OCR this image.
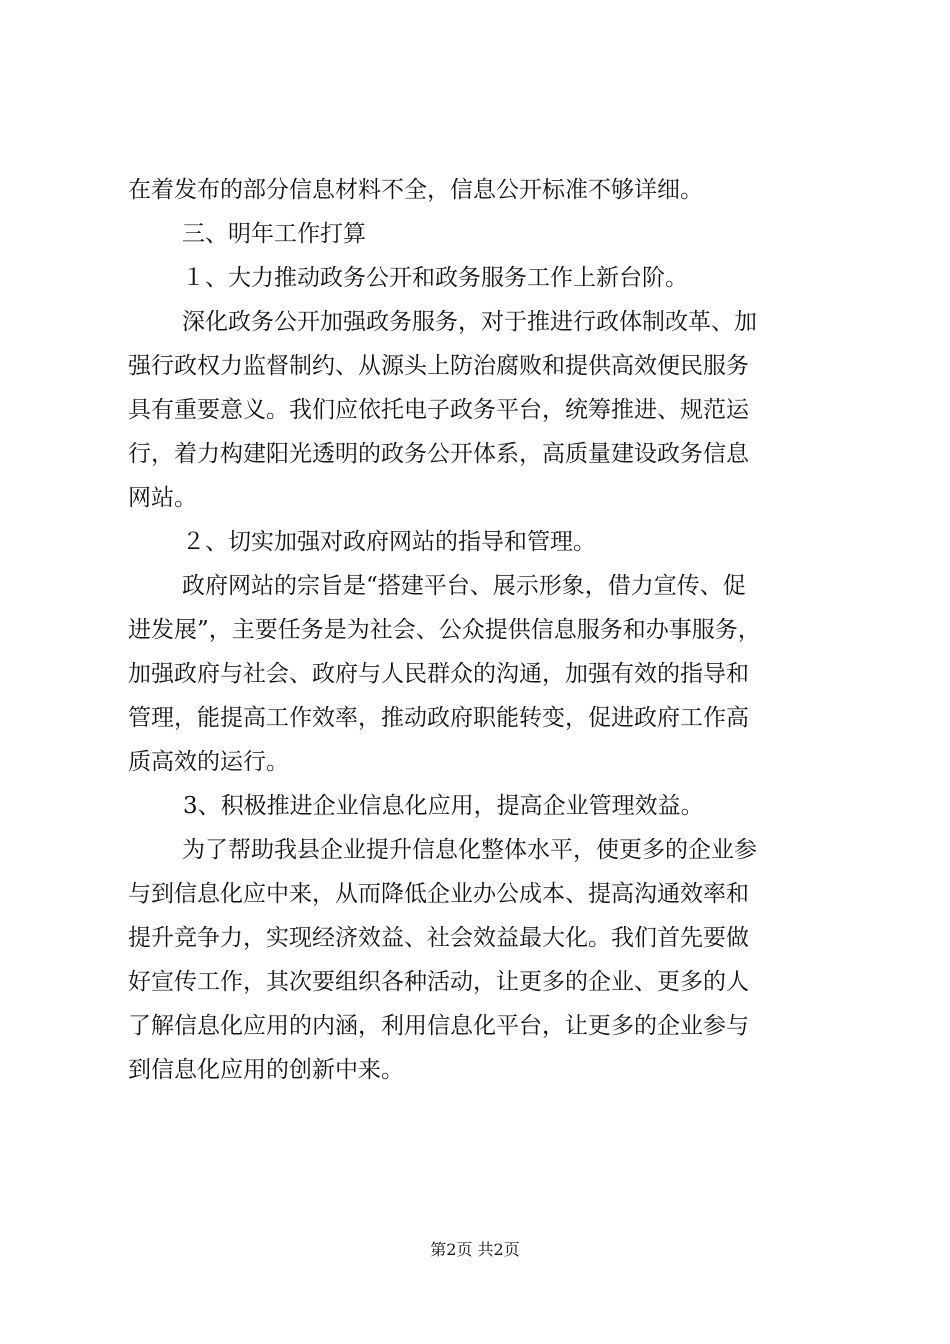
在着发布的部分信息材料不全，信息公开标准不够详细。
三、明年工作打算
１、大力推动政务公开和政务服务工作上新台阶。
深化政务公开加强政务服务，对于推进行政体制改革、加
强行政权力监督制约、从源头上防治腐败和提供高效便民服务
具有重要意义。我们应依托电子政务平台，统筹推进、规范运
行，着力构建阳光透明的政务公开体系，高质量建设政务信息
网站。
２、切实加强对政府网站的指导和管理。
政府网站的宗旨是“搭建平台、展示形象，借力宣传、促
进发展”，主要任务是为社会、公众提供信息服务和办事服务，
加强政府与社会、政府与人民群众的沟通，加强有效的指导和
管理，能提高工作效率，推动政府职能转变，促进政府工作高
质高效的运行。
3、积极推进企业信息化应用，提高企业管理效益。
为了帮助我县企业提升信息化整体水平，使更多的企业参
与到信息化应中来，从而降低企业办公成本、提高沟通效率和
提升竞争力，实现经济效益、社会效益最大化。我们首先要做
好宣传工作，其次要组织各种活动，让更多的企业、更多的人
了解信息化应用的内涵，利用信息化平台，让更多的企业参与
到信息化应用的创新中来。
第2页 共2页
